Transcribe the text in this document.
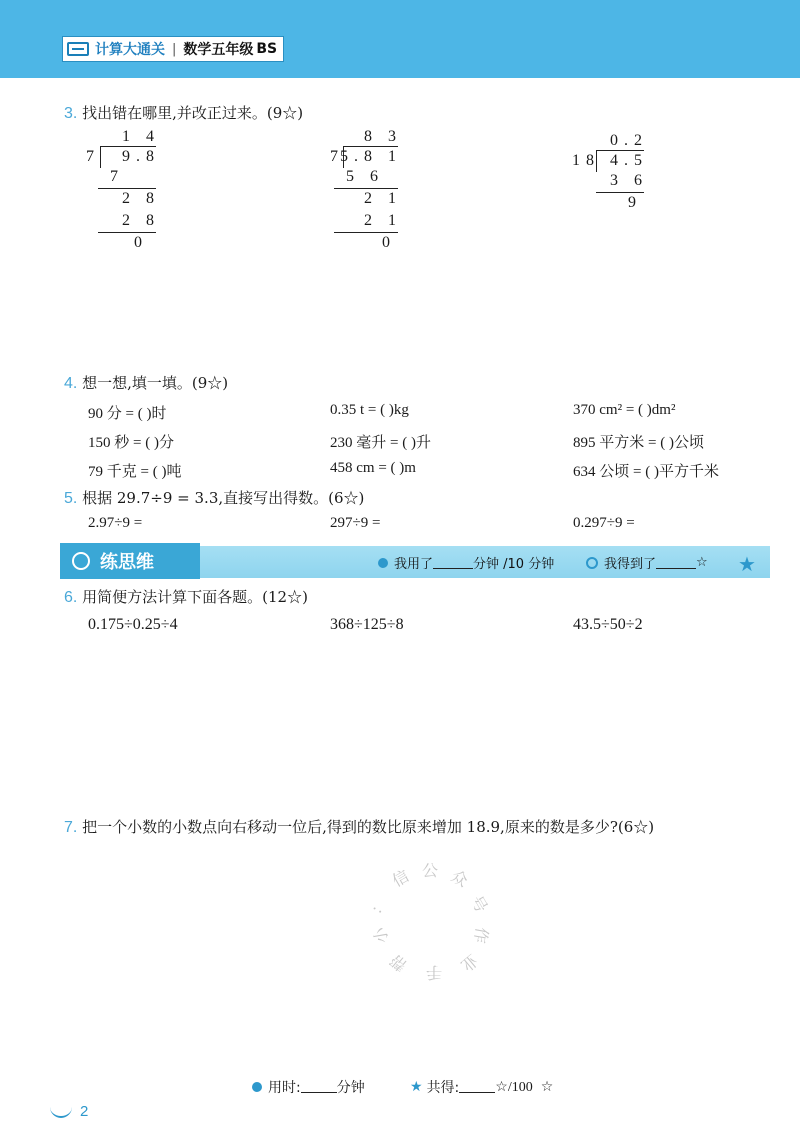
计算大通关 | 数学五年级 BS
3. 找出错在哪里,并改正过来。(9☆)
1 4
7 9.8
7
2 8
2 8
0
8 3
7
5.8 1
5 6
2 1
2 1
0
0.2
18 4.5
3 6
9
4. 想一想,填一填。(9☆)
90 分 = ( )时	0.35 t = ( )kg	370 cm² = ( )dm²
150 秒 = ( )分	230 毫升 = ( )升	895 平方米 = ( )公顷
79 千克 = ( )吨	458 cm = ( )m	634 公顷 = ( )平方千米
5. 根据 29.7÷9 = 3.3,直接写出得数。(6☆)
2.97÷9 =	297÷9 =	0.297÷9 =
练思维	我用了	分钟 /10 分钟	我得到了	☆ ★
6. 用简便方法计算下面各题。(12☆)
0.175÷0.25÷4	368÷125÷8	43.5÷50÷2
7. 把一个小数的小数点向右移动一位后,得到的数比原来增加 18.9,原来的数是多少?(6☆)
信 公 众
号
：
作
业
小
帮 手
用时:	分钟	★ 共得:	☆/100 ☆
2
